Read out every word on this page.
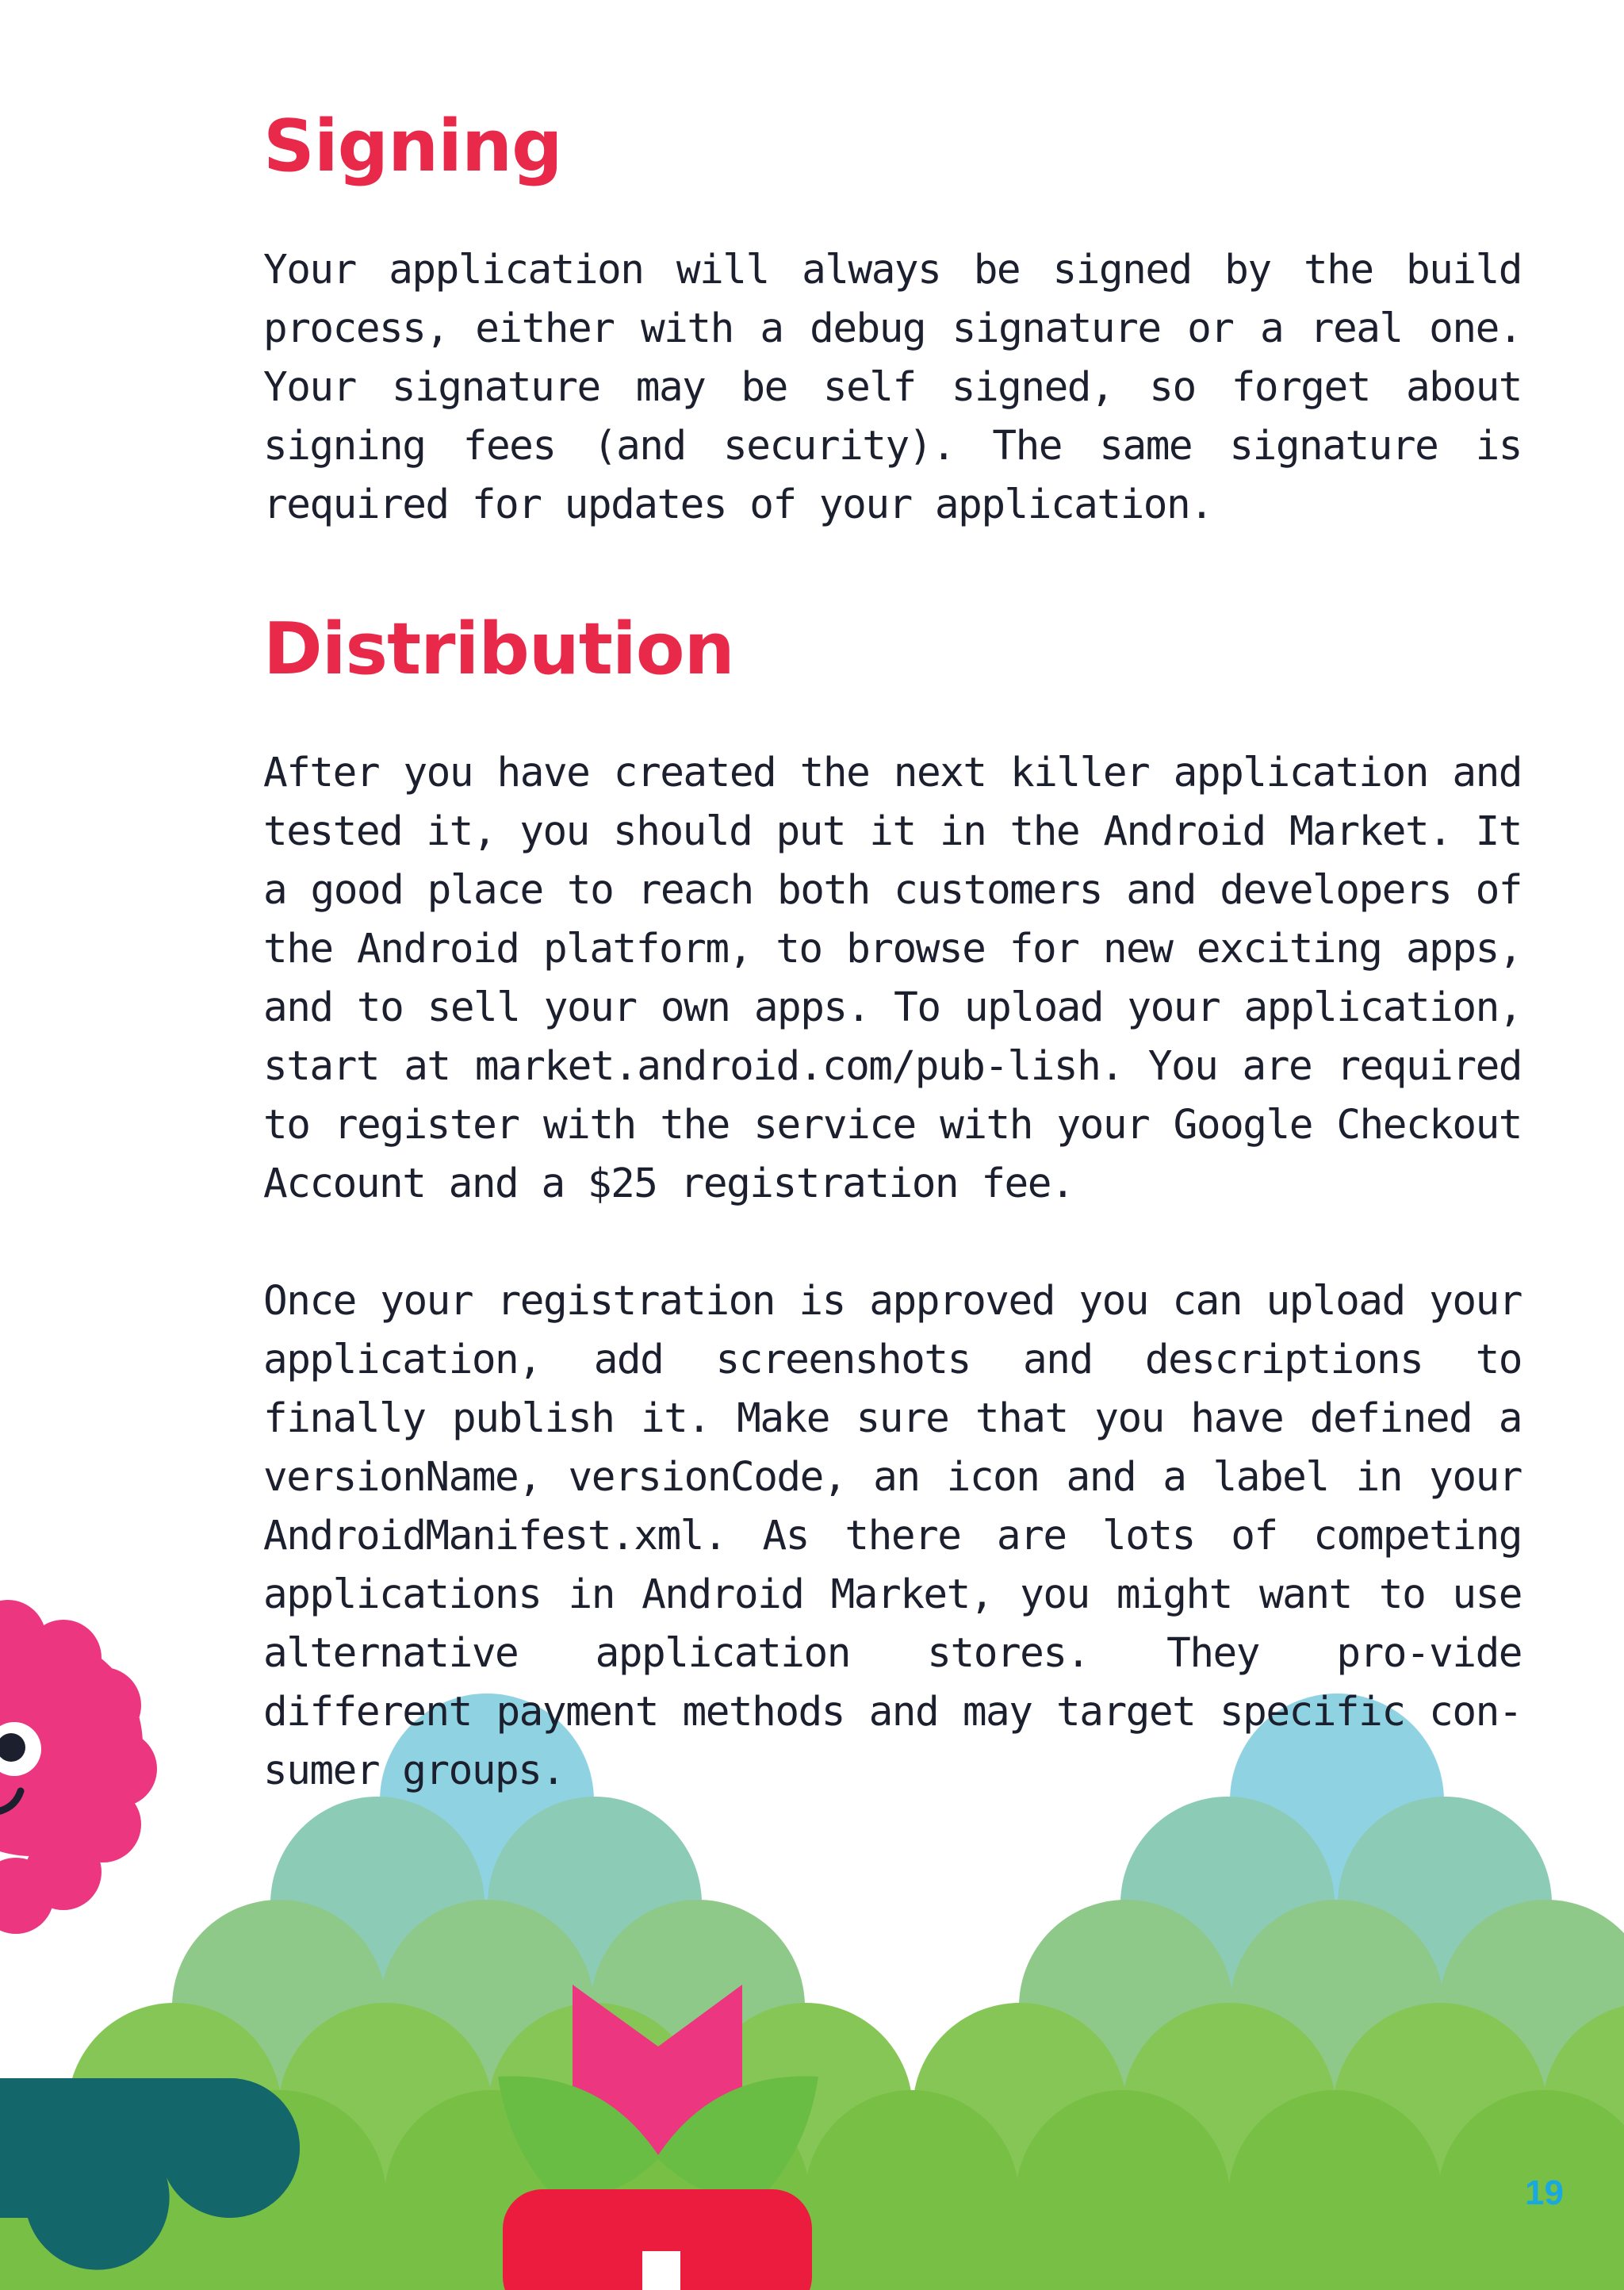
Signing

Your application will always be signed by the build process, either with a debug signature or a real one. Your signature may be self signed, so forget about signing fees (and security). The same signature is required for updates of your application.

Distribution

After you have created the next killer application and tested it, you should put it in the Android Market. It a good place to reach both customers and developers of the Android platform, to browse for new exciting apps, and to sell your own apps. To upload your application, start at market.android.com/pub-lish. You are required to register with the service with your Google Checkout Account and a $25 registration fee.

Once your registration is approved you can upload your application, add screenshots and descriptions to finally publish it. Make sure that you have defined a versionName, versionCode, an icon and a label in your AndroidManifest.xml. As there are lots of competing applications in Android Market, you might want to use alternative application stores. They pro-vide different payment methods and may target specific con-sumer groups.

19
